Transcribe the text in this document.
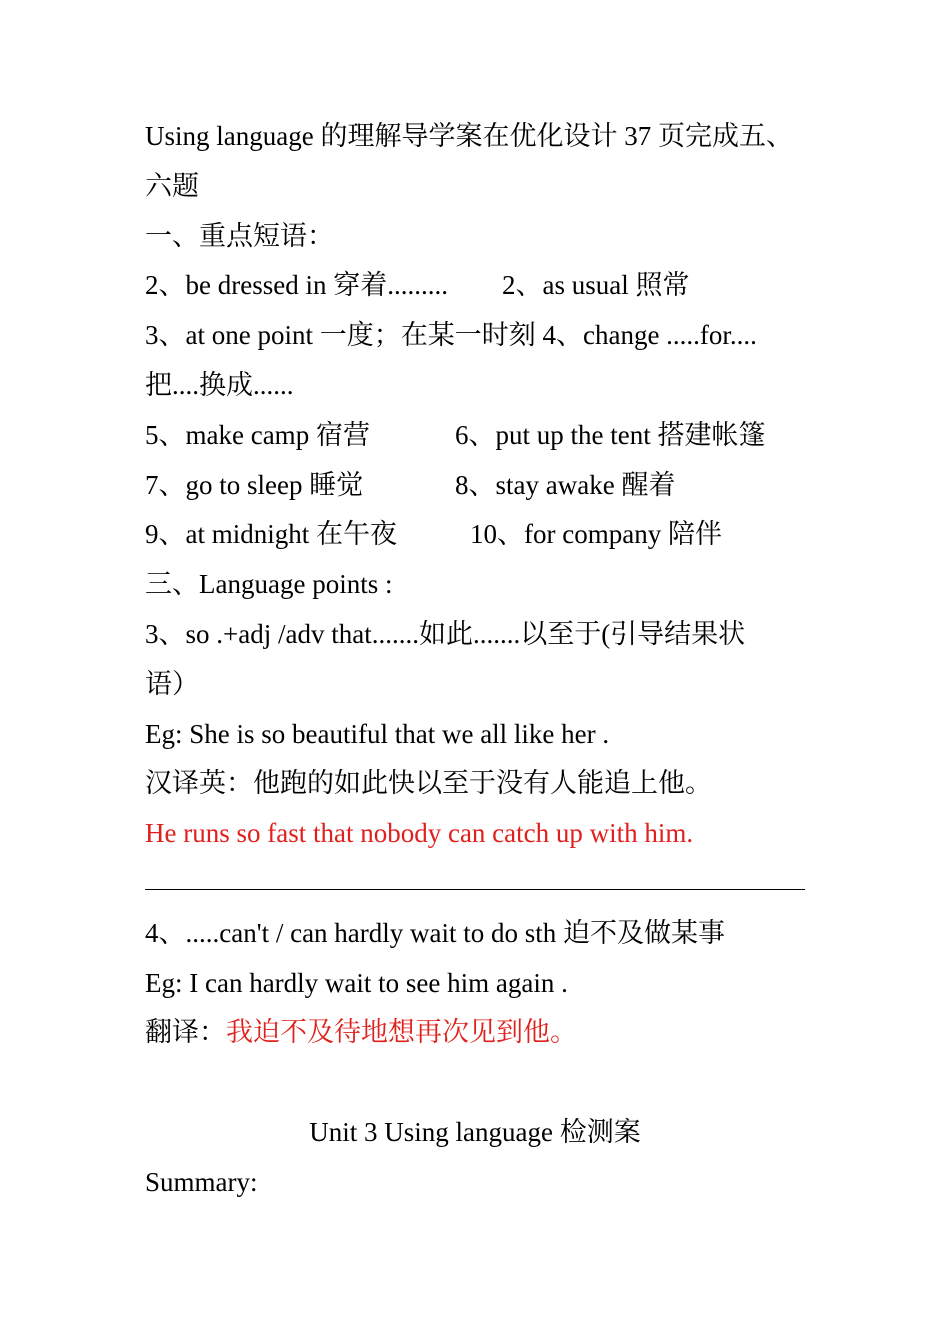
Using language 的理解导学案在优化设计 37 页完成五、
六题
一、重点短语：
2、be dressed in 穿着......... 2、as usual 照常
3、at one point 一度；在某一时刻 4、change .....for....
把....换成......
5、make camp 宿营	6、put up the tent 搭建帐篷
7、go to sleep 睡觉	8、stay awake 醒着
9、at midnight 在午夜	10、for company 陪伴
三、Language points :
3、so .+adj /adv that.......如此.......以至于(引导结果状
语）
Eg: She is so beautiful that we all like her .
汉译英：他跑的如此快以至于没有人能追上他。
He runs so fast that nobody can catch up with him.
4、.....can't / can hardly wait to do sth 迫不及做某事
Eg: I can hardly wait to see him again .
翻译：我迫不及待地想再次见到他。
Unit 3 Using language 检测案
Summary:
